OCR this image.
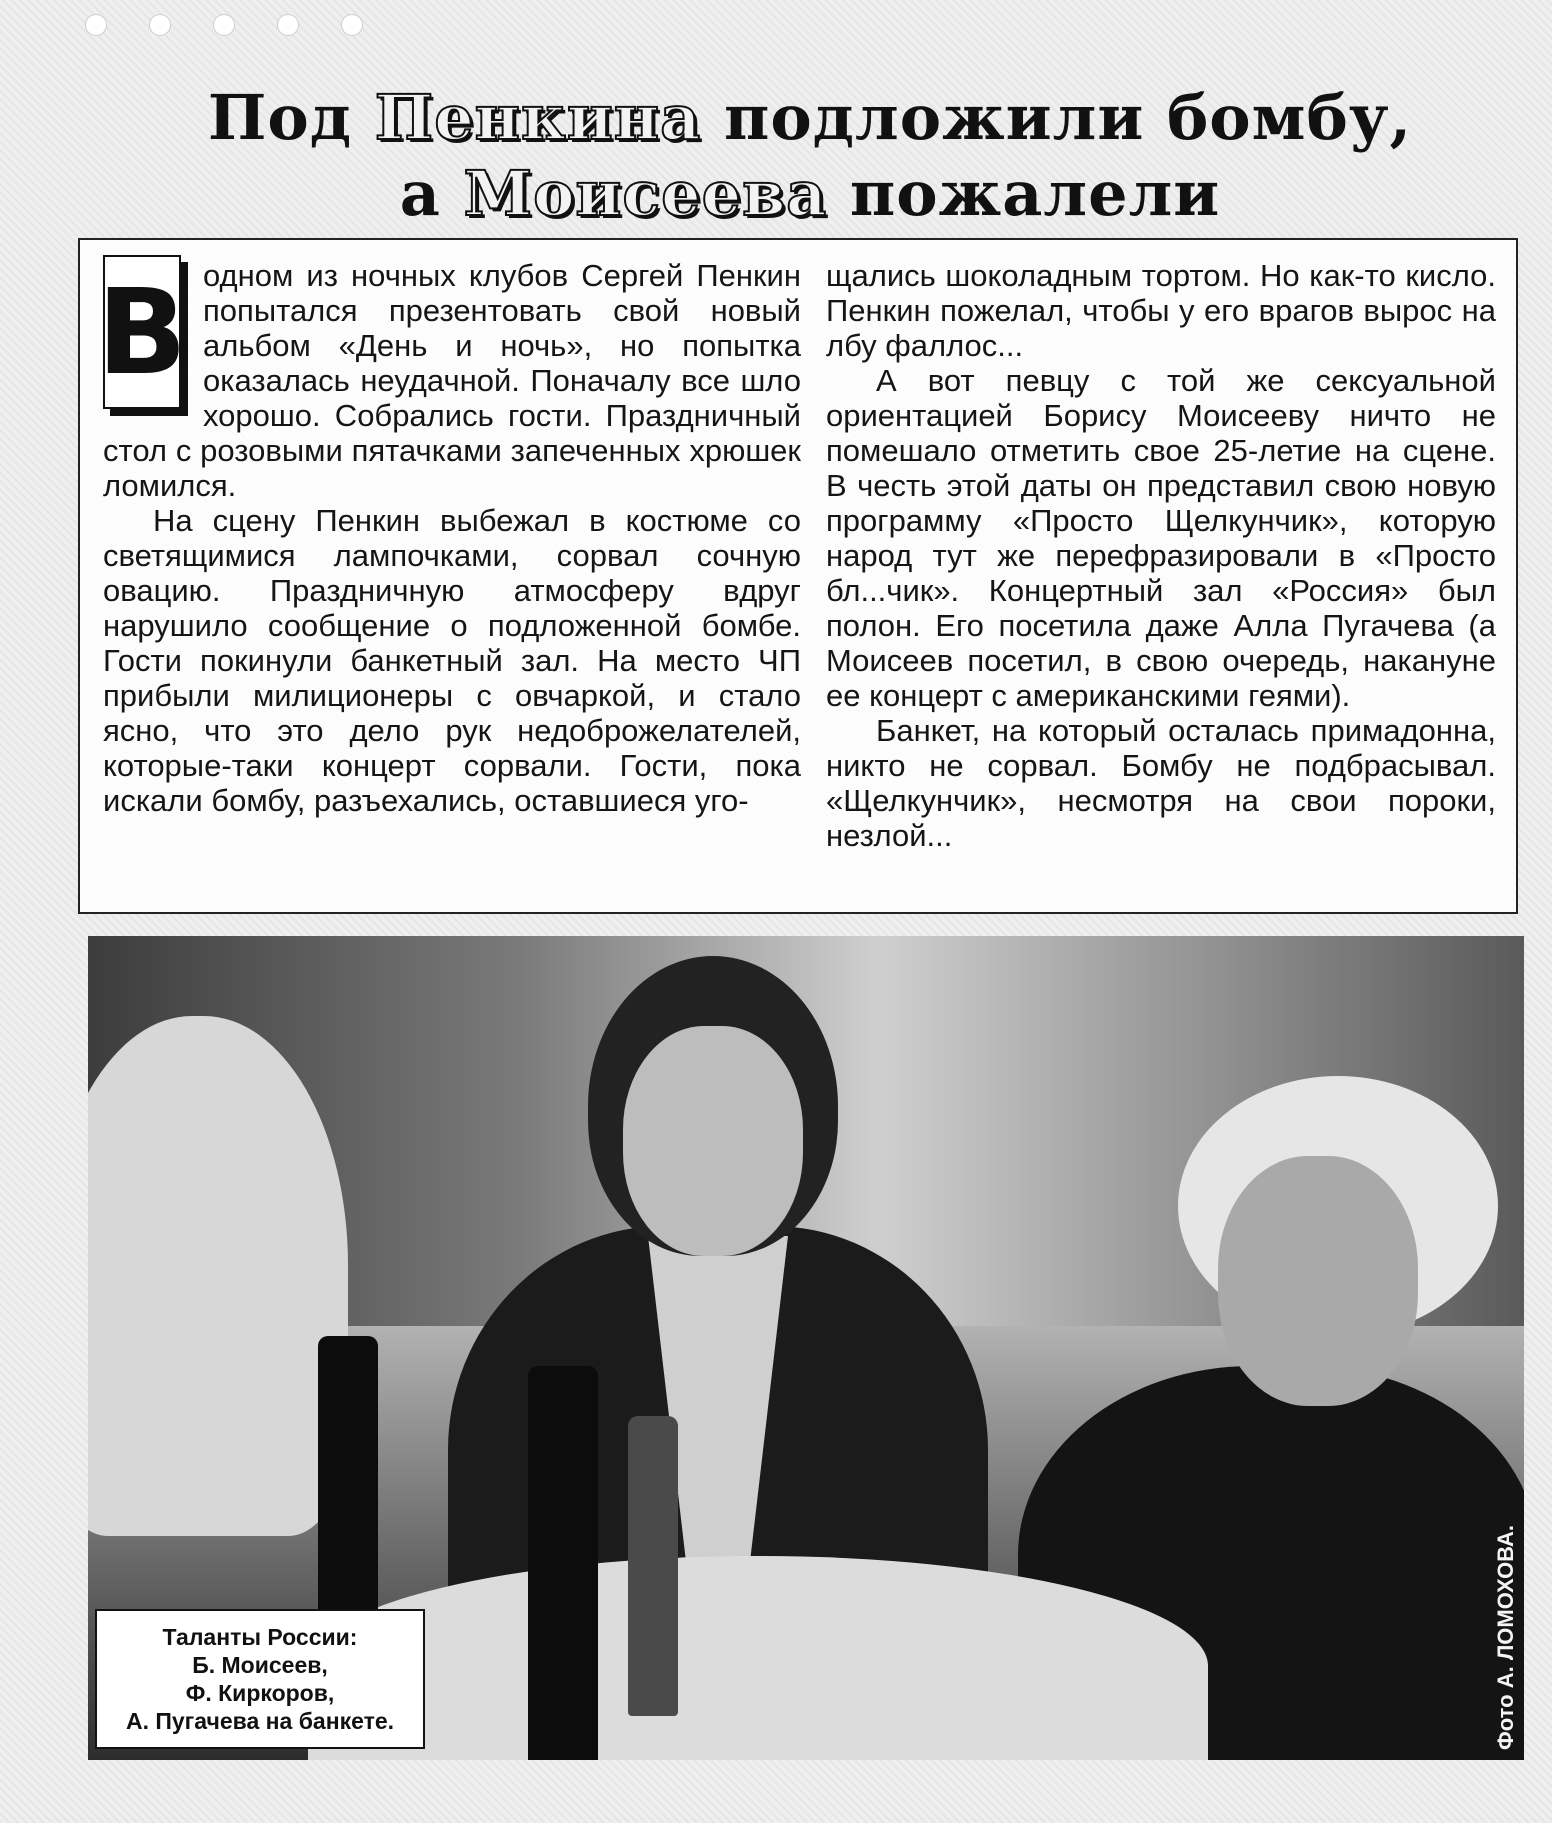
Под Пенкина подложили бомбу,
а Моисеева пожалели
В одном из ночных клубов Сергей Пенкин попытался презентовать свой новый альбом «День и ночь», но попытка оказалась неудачной. Поначалу все шло хорошо. Собрались гости. Праздничный стол с розовыми пятачками запеченных хрюшек ломился.

На сцену Пенкин выбежал в костюме со светящимися лампочками, сорвал сочную овацию. Праздничную атмосферу вдруг нарушило сообщение о подложенной бомбе. Гости покинули банкетный зал. На место ЧП прибыли милиционеры с овчаркой, и стало ясно, что это дело рук недоброжелателей, которые-таки концерт сорвали. Гости, пока искали бомбу, разъехались, оставшиеся уго-

щались шоколадным тортом. Но как-то кисло. Пенкин пожелал, чтобы у его врагов вырос на лбу фаллос...

А вот певцу с той же сексуальной ориентацией Борису Моисееву ничто не помешало отметить свое 25-летие на сцене. В честь этой даты он представил свою новую программу «Просто Щелкунчик», которую народ тут же перефразировали в «Просто бл...чик». Концертный зал «Россия» был полон. Его посетила даже Алла Пугачева (а Моисеев посетил, в свою очередь, накануне ее концерт с американскими геями).

Банкет, на который осталась примадонна, никто не сорвал. Бомбу не подбрасывал. «Щелкунчик», несмотря на свои пороки, незлой...

Фото А. ЛОМОХОВА.
Таланты России:
Б. Моисеев,
Ф. Киркоров,
А. Пугачева на банкете.
